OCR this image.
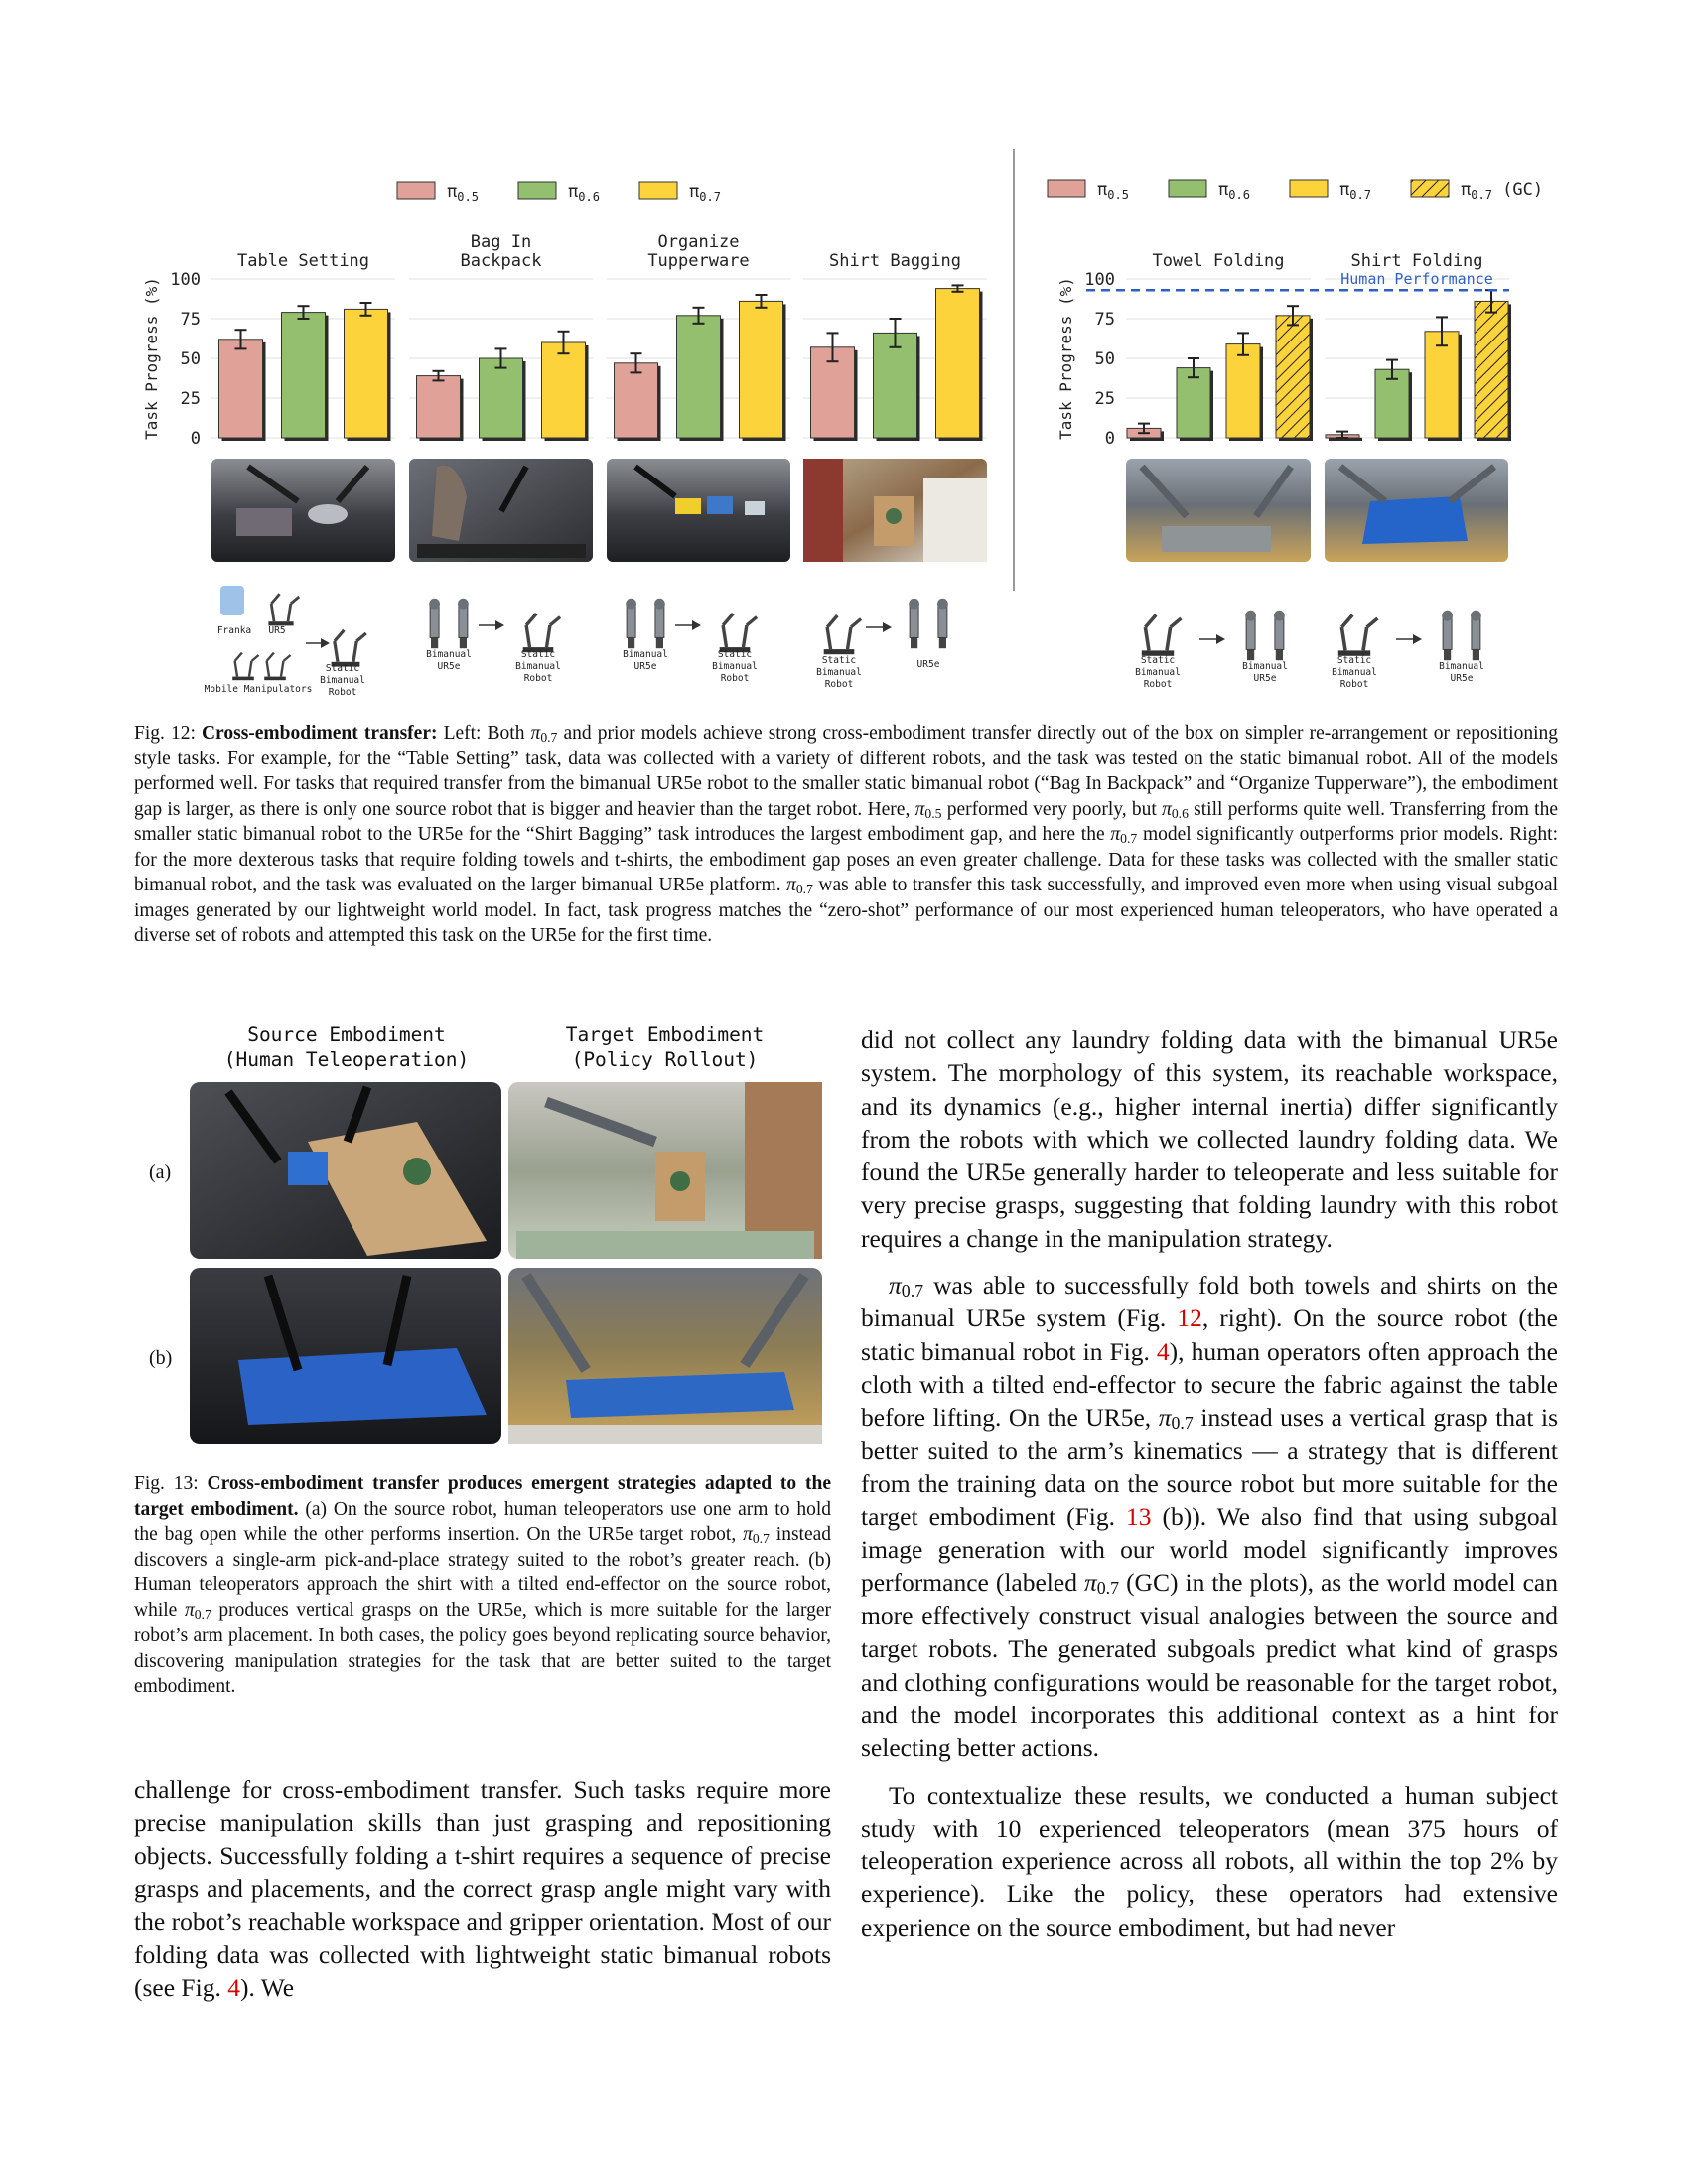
$\pi_{0.5}$	$\pi_{0.6}$	$\pi_{0.7}$	$\pi_{0.5}$	$\pi_{0.6}$	$\pi_{0.7}$	$\pi_{0.7}$ (GC)
Task Progress (%) 0
25
50
75
100
Table Setting
Bag In
Backpack
Organize
Tupperware	Shirt Bagging
Task Progress (%) 0
25
50
75
100
Towel Folding	Shirt Folding
Human Performance
Franka UR5
Mobile Manipulators
Static
Bimanual
Robot
Bimanual
UR5e
Static
Bimanual
Robot
Bimanual
UR5e
Static
Bimanual
Robot
Static
Bimanual
Robot
UR5e	Static
Bimanual
Robot
Bimanual
UR5e
Static
Bimanual
Robot
Bimanual
UR5e
Fig. 12: Cross-embodiment transfer: Left: Both $\pi_{0.7}$ and prior models achieve strong cross-embodiment transfer directly out of the box on simpler re-arrangement or repositioning style tasks. For example, for the “Table Setting” task, data was collected with a variety of different robots, and the task was tested on the static bimanual robot. All of the models performed well. For tasks that required transfer from the bimanual UR5e robot to the smaller static bimanual robot (“Bag In Backpack” and “Organize Tupperware”), the embodiment gap is larger, as there is only one source robot that is bigger and heavier than the target robot. Here, $\pi_{0.5}$ performed very poorly, but $\pi_{0.6}$ still performs quite well. Transferring from the smaller static bimanual robot to the UR5e for the “Shirt Bagging” task introduces the largest embodiment gap, and here the $\pi_{0.7}$ model significantly outperforms prior models. Right: for the more dexterous tasks that require folding towels and t-shirts, the embodiment gap poses an even greater challenge. Data for these tasks was collected with the smaller static bimanual robot, and the task was evaluated on the larger bimanual UR5e platform. $\pi_{0.7}$ was able to transfer this task successfully, and improved even more when using visual subgoal images generated by our lightweight world model. In fact, task progress matches the “zero-shot” performance of our most experienced human teleoperators, who have operated a diverse set of robots and attempted this task on the UR5e for the first time.
Source Embodiment
(Human Teleoperation)
Target Embodiment
(Policy Rollout)
(a)
(b)
Fig. 13: Cross-embodiment transfer produces emergent strategies adapted to the target embodiment. (a) On the source robot, human teleoperators use one arm to hold the bag open while the other performs insertion. On the UR5e target robot, $\pi_{0.7}$ instead discovers a single-arm pick-and-place strategy suited to the robot’s greater reach. (b) Human teleoperators approach the shirt with a tilted end-effector on the source robot, while $\pi_{0.7}$ produces vertical grasps on the UR5e, which is more suitable for the larger robot’s arm placement. In both cases, the policy goes beyond replicating source behavior, discovering manipulation strategies for the task that are better suited to the target embodiment.

challenge for cross-embodiment transfer. Such tasks require more precise manipulation skills than just grasping and repositioning objects. Successfully folding a t-shirt requires a sequence of precise grasps and placements, and the correct grasp angle might vary with the robot’s reachable workspace and gripper orientation. Most of our folding data was collected with lightweight static bimanual robots (see Fig. 4). We

did not collect any laundry folding data with the bimanual UR5e system. The morphology of this system, its reachable workspace, and its dynamics (e.g., higher internal inertia) differ significantly from the robots with which we collected laundry folding data. We found the UR5e generally harder to teleoperate and less suitable for very precise grasps, suggesting that folding laundry with this robot requires a change in the manipulation strategy.

$\pi_{0.7}$ was able to successfully fold both towels and shirts on the bimanual UR5e system (Fig. 12, right). On the source robot (the static bimanual robot in Fig. 4), human operators often approach the cloth with a tilted end-effector to secure the fabric against the table before lifting. On the UR5e, $\pi_{0.7}$ instead uses a vertical grasp that is better suited to the arm’s kinematics — a strategy that is different from the training data on the source robot but more suitable for the target embodiment (Fig. 13 (b)). We also find that using subgoal image generation with our world model significantly improves performance (labeled $\pi_{0.7}$ (GC) in the plots), as the world model can more effectively construct visual analogies between the source and target robots. The generated subgoals predict what kind of grasps and clothing configurations would be reasonable for the target robot, and the model incorporates this additional context as a hint for selecting better actions.

To contextualize these results, we conducted a human subject study with 10 experienced teleoperators (mean 375 hours of teleoperation experience across all robots, all within the top 2% by experience). Like the policy, these operators had extensive experience on the source embodiment, but had never
